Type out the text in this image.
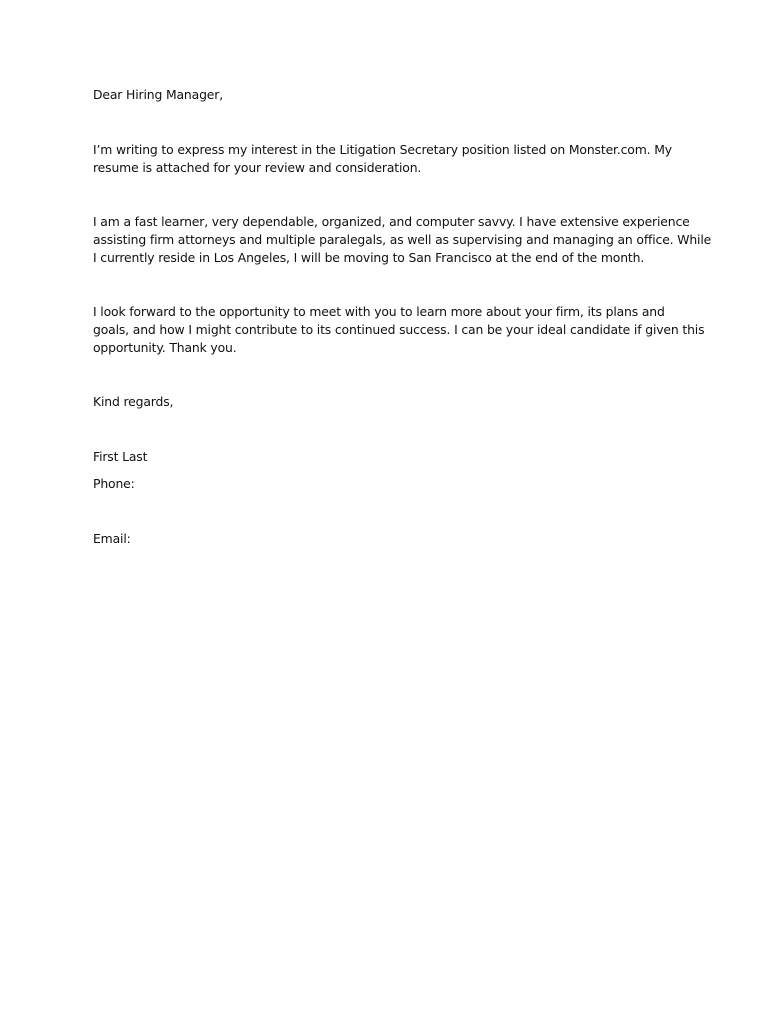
Dear Hiring Manager,

I’m writing to express my interest in the Litigation Secretary position listed on Monster.com. My
resume is attached for your review and consideration.
I am a fast learner, very dependable, organized, and computer savvy. I have extensive experience
assisting firm attorneys and multiple paralegals, as well as supervising and managing an office. While
I currently reside in Los Angeles, I will be moving to San Francisco at the end of the month.
I look forward to the opportunity to meet with you to learn more about your firm, its plans and
goals, and how I might contribute to its continued success. I can be your ideal candidate if given this
opportunity. Thank you.

Kind regards,

First Last

Phone:

Email:
